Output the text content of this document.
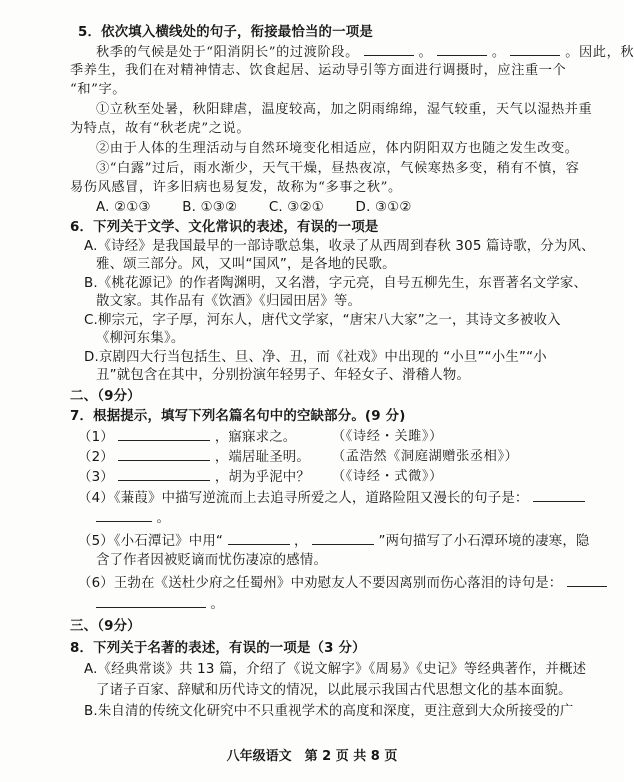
5．依次填入横线处的句子，衔接最恰当的一项是
秋季的气候是处于“阳消阴长”的过渡阶段。	。	。	。因此，秋
季养生，我们在对精神情志、饮食起居、运动导引等方面进行调摄时，应注重一个
“和”字。
①立秋至处暑，秋阳肆虐，温度较高，加之阴雨绵绵，湿气较重，天气以湿热并重
为特点，故有“秋老虎”之说。
②由于人体的生理活动与自然环境变化相适应，体内阴阳双方也随之发生改变。
③“白露”过后，雨水渐少，天气干燥，昼热夜凉，气候寒热多变，稍有不慎，容
易伤风感冒，许多旧病也易复发，故称为“多事之秋”。
A. ②①③　　 B. ①③②　　 C. ③②①　　 D. ③①②
6．下列关于文学、文化常识的表述，有误的一项是
A.《诗经》是我国最早的一部诗歌总集，收录了从西周到春秋 305 篇诗歌，分为风、
雅、颂三部分。风，又叫“国风”，是各地的民歌。
B.《桃花源记》的作者陶渊明，又名潜，字元亮，自号五柳先生，东晋著名文学家、
散文家。其作品有《饮酒》《归园田居》等。
C.柳宗元，字子厚，河东人，唐代文学家，“唐宋八大家”之一，其诗文多被收入
《柳河东集》。
D.京剧四大行当包括生、旦、净、丑，而《社戏》中出现的 “小旦”“小生”“小
丑”就包含在其中，分别扮演年轻男子、年轻女子、滑稽人物。
二、（9分）
7．根据提示，填写下列名篇名句中的空缺部分。(9 分)
（1）	，寤寐求之。	（《诗经・关雎》）
（2）	，端居耻圣明。 （孟浩然《洞庭湖赠张丞相》）
（3）	，胡为乎泥中？ （《诗经・式微》）
（4）《蒹葭》中描写逆流而上去追寻所爱之人，道路险阻又漫长的句子是：
。
（5）《小石潭记》中用“	，	”两句描写了小石潭环境的凄寒，隐
含了作者因被贬谪而忧伤凄凉的感情。
（6）王勃在《送杜少府之任蜀州》中劝慰友人不要因离别而伤心落泪的诗句是：
。
三、（9分）
八年级语文　第 2 页 共 8 页
8．下列关于名著的表述，有误的一项是（3 分）
A.《经典常谈》共 13 篇，介绍了《说文解字》《周易》《史记》等经典著作，并概述
了诸子百家、辞赋和历代诗文的情况，以此展示我国古代思想文化的基本面貌。
B.朱自清的传统文化研究中不只重视学术的高度和深度，更注意到大众所接受的广
